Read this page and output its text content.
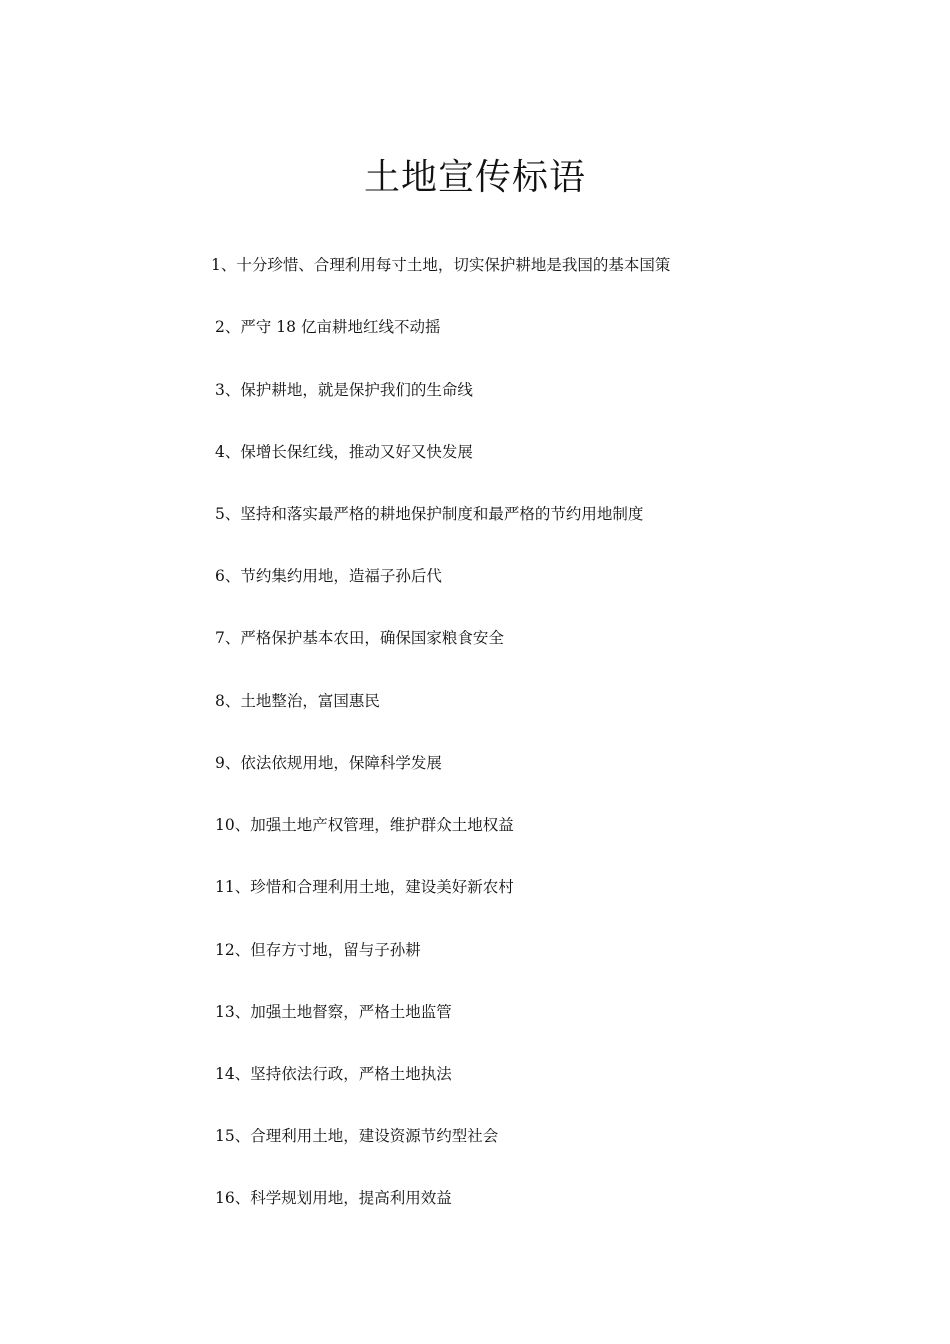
土地宣传标语
1、十分珍惜、合理利用每寸土地，切实保护耕地是我国的基本国策
2、严守 18 亿亩耕地红线不动摇
3、保护耕地，就是保护我们的生命线
4、保增长保红线，推动又好又快发展
5、坚持和落实最严格的耕地保护制度和最严格的节约用地制度
6、节约集约用地，造福子孙后代
7、严格保护基本农田，确保国家粮食安全
8、土地整治，富国惠民
9、依法依规用地，保障科学发展
10、加强土地产权管理，维护群众土地权益
11、珍惜和合理利用土地，建设美好新农村
12、但存方寸地，留与子孙耕
13、加强土地督察，严格土地监管
14、坚持依法行政，严格土地执法
15、合理利用土地，建设资源节约型社会
16、科学规划用地，提高利用效益
